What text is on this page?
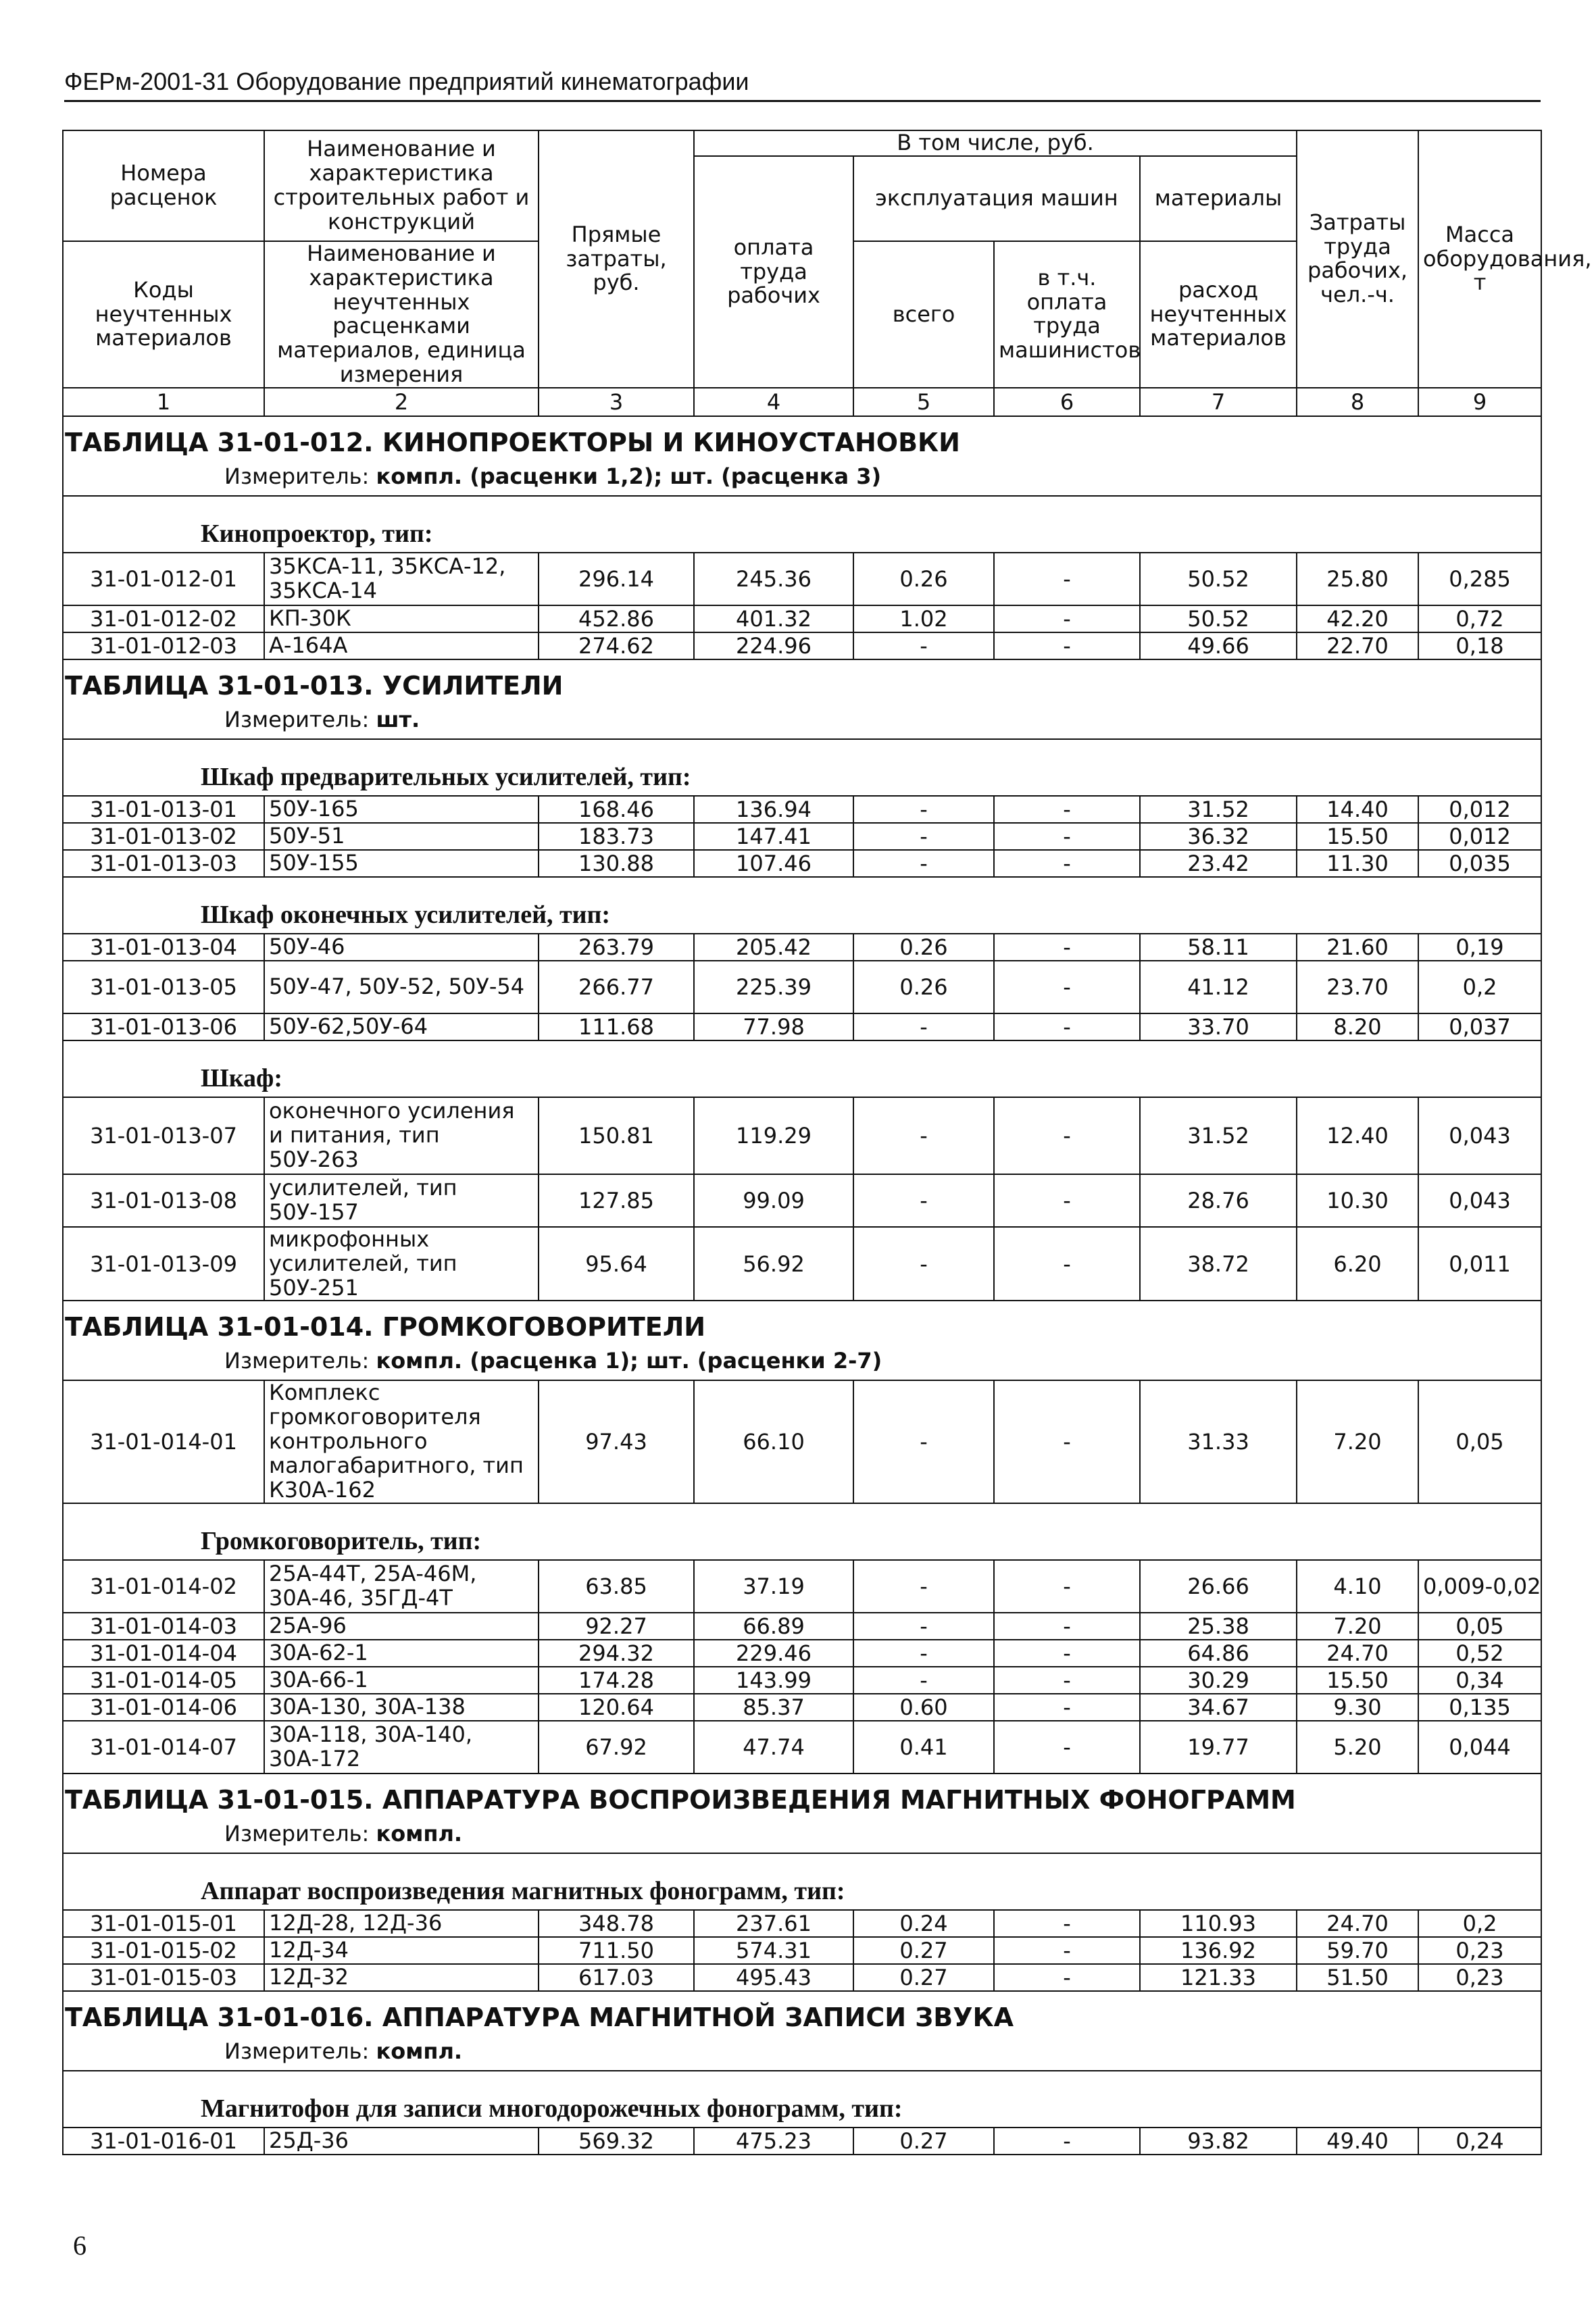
ФЕРм-2001-31 Оборудование предприятий кинематографии
Номера расценок	Наименование и характеристика строительных работ и конструкций	Прямые затраты, руб.	В том числе, руб.				Затраты труда рабочих, чел.-ч.	Масса оборудования, т
			оплата труда рабочих	эксплуатация машин		материалы		

Коды неучтенных материалов	Наименование и характеристика неучтенных расценками материалов, единица измерения			всего	в т.ч. оплата труда машинистов	расход неучтенных материалов		

1	2	3	4	5	6	7	8	9
ТАБЛИЦА 31-01-012. КИНОПРОЕКТОРЫ И КИНОУСТАНОВКИ								
Измеритель: компл. (расценки 1,2); шт. (расценка 3)								
Кинопроектор, тип:								
31-01-012-01	35КСА-11, 35КСА-12, 35КСА-14	296.14	245.36	0.26	-	50.52	25.80	0,285
31-01-012-02	КП-30К	452.86	401.32	1.02	-	50.52	42.20	0,72
31-01-012-03	А-164А	274.62	224.96	-	-	49.66	22.70	0,18
ТАБЛИЦА 31-01-013. УСИЛИТЕЛИ								
Измеритель: шт.								
Шкаф предварительных усилителей, тип:								
31-01-013-01	50У-165	168.46	136.94	-	-	31.52	14.40	0,012
31-01-013-02	50У-51	183.73	147.41	-	-	36.32	15.50	0,012
31-01-013-03	50У-155	130.88	107.46	-	-	23.42	11.30	0,035
Шкаф оконечных усилителей, тип:								
31-01-013-04	50У-46	263.79	205.42	0.26	-	58.11	21.60	0,19
31-01-013-05	50У-47, 50У-52, 50У-54	266.77	225.39	0.26	-	41.12	23.70	0,2
31-01-013-06	50У-62,50У-64	111.68	77.98	-	-	33.70	8.20	0,037
Шкаф:								
31-01-013-07	оконечного усиления и питания, тип 50У-263	150.81	119.29	-	-	31.52	12.40	0,043
31-01-013-08	усилителей, тип 50У-157	127.85	99.09	-	-	28.76	10.30	0,043
31-01-013-09	микрофонных усилителей, тип 50У-251	95.64	56.92	-	-	38.72	6.20	0,011
ТАБЛИЦА 31-01-014. ГРОМКОГОВОРИТЕЛИ								
Измеритель: компл. (расценка 1); шт. (расценки 2-7)								
31-01-014-01	Комплекс громкоговорителя контрольного малогабаритного, тип К30А-162	97.43	66.10	-	-	31.33	7.20	0,05
Громкоговоритель, тип:								
31-01-014-02	25А-44Т, 25А-46М, 30А-46, 35ГД-4Т	63.85	37.19	-	-	26.66	4.10	0,009-0,02
31-01-014-03	25А-96	92.27	66.89	-	-	25.38	7.20	0,05
31-01-014-04	30А-62-1	294.32	229.46	-	-	64.86	24.70	0,52
31-01-014-05	30А-66-1	174.28	143.99	-	-	30.29	15.50	0,34
31-01-014-06	30А-130, 30А-138	120.64	85.37	0.60	-	34.67	9.30	0,135
31-01-014-07	30А-118, 30А-140, 30А-172	67.92	47.74	0.41	-	19.77	5.20	0,044
ТАБЛИЦА 31-01-015. АППАРАТУРА ВОСПРОИЗВЕДЕНИЯ МАГНИТНЫХ ФОНОГРАММ								
Измеритель: компл.								
Аппарат воспроизведения магнитных фонограмм, тип:								
31-01-015-01	12Д-28, 12Д-36	348.78	237.61	0.24	-	110.93	24.70	0,2
31-01-015-02	12Д-34	711.50	574.31	0.27	-	136.92	59.70	0,23
31-01-015-03	12Д-32	617.03	495.43	0.27	-	121.33	51.50	0,23
ТАБЛИЦА 31-01-016. АППАРАТУРА МАГНИТНОЙ ЗАПИСИ ЗВУКА								
Измеритель: компл.								
Магнитофон для записи многодорожечных фонограмм, тип:								
31-01-016-01	25Д-36	569.32	475.23	0.27	-	93.82	49.40	0,24
6
